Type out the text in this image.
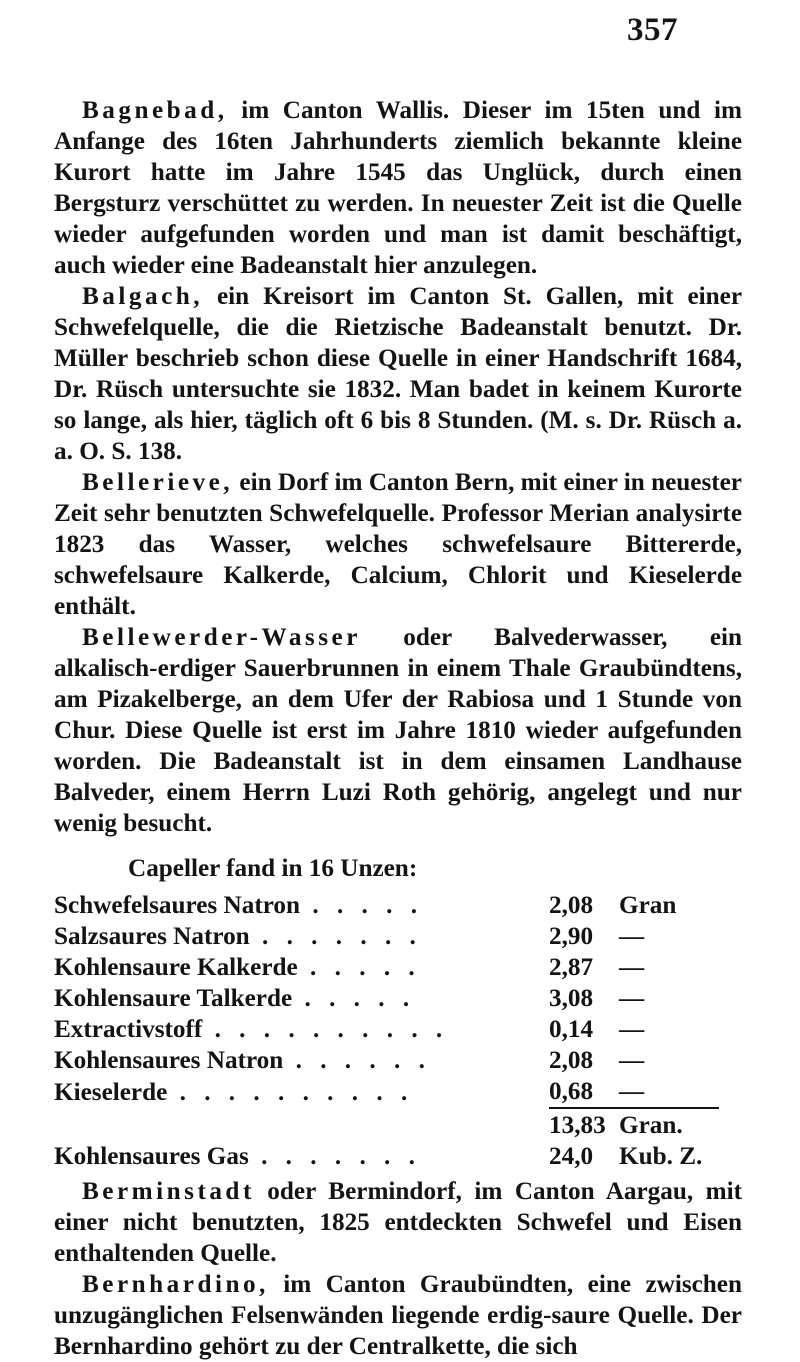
357

Bagnebad, im Canton Wallis. Dieser im 15ten und im Anfange des 16ten Jahrhunderts ziemlich bekannte kleine Kurort hatte im Jahre 1545 das Unglück, durch einen Bergsturz verschüttet zu werden. In neuester Zeit ist die Quelle wieder aufgefunden worden und man ist damit beschäftigt, auch wieder eine Badeanstalt hier anzulegen.

Balgach, ein Kreisort im Canton St. Gallen, mit einer Schwefelquelle, die die Rietzische Badeanstalt benutzt. Dr. Müller beschrieb schon diese Quelle in einer Handschrift 1684, Dr. Rüsch untersuchte sie 1832. Man badet in keinem Kurorte so lange, als hier, täglich oft 6 bis 8 Stunden. (M. s. Dr. Rüsch a. a. O. S. 138.

Bellerieve, ein Dorf im Canton Bern, mit einer in neuester Zeit sehr benutzten Schwefelquelle. Professor Merian analysirte 1823 das Wasser, welches schwefelsaure Bittererde, schwefelsaure Kalkerde, Calcium, Chlorit und Kieselerde enthält.

Bellewerder-Wasser oder Balvederwasser, ein alkalisch-erdiger Sauerbrunnen in einem Thale Graubündtens, am Pizakelberge, an dem Ufer der Rabiosa und 1 Stunde von Chur. Diese Quelle ist erst im Jahre 1810 wieder aufgefunden worden. Die Badeanstalt ist in dem einsamen Landhause Balveder, einem Herrn Luzi Roth gehörig, angelegt und nur wenig besucht.

Capeller fand in 16 Unzen:

Schwefelsaures Natron . . . . .	2,08	Gran
Salzsaures Natron . . . . . . .	2,90	—
Kohlensaure Kalkerde . . . . .	2,87	—
Kohlensaure Talkerde . . . . .	3,08	—
Extractivstoff . . . . . . . . . .	0,14	—
Kohlensaures Natron . . . . . .	2,08	—
Kieselerde . . . . . . . . . .	0,68	—
	13,83	Gran.
Kohlensaures Gas . . . . . . .	24,0	Kub. Z.

Berminstadt oder Bermindorf, im Canton Aargau, mit einer nicht benutzten, 1825 entdeckten Schwefel und Eisen enthaltenden Quelle.

Bernhardino, im Canton Graubündten, eine zwischen unzugänglichen Felsenwänden liegende erdig-saure Quelle. Der Bernhardino gehört zu der Centralkette, die sich
